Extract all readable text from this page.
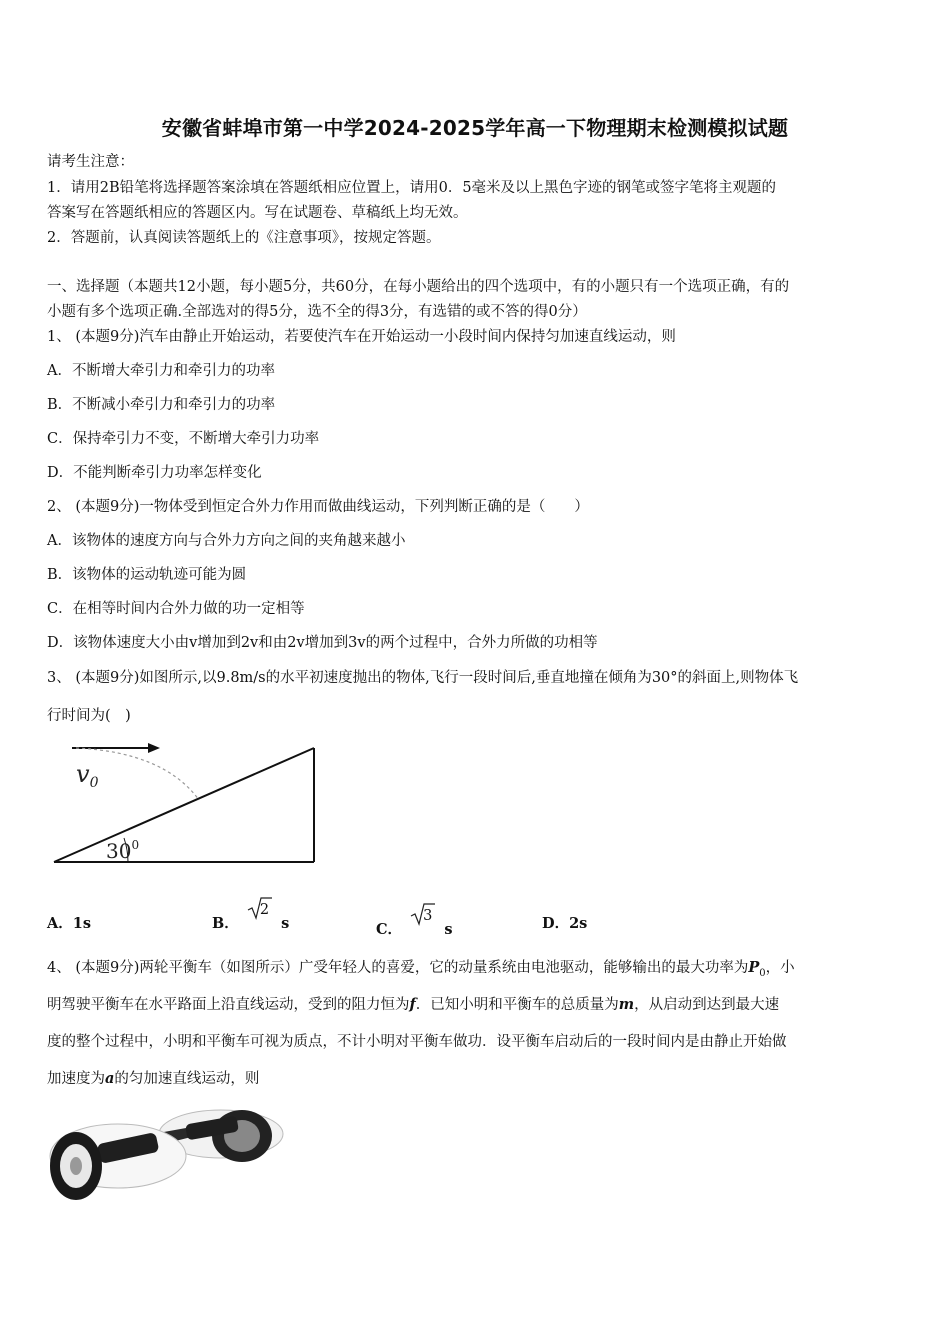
安徽省蚌埠市第一中学2024-2025学年高一下物理期末检测模拟试题
请考生注意：
1．请用2B铅笔将选择题答案涂填在答题纸相应位置上，请用0．5毫米及以上黑色字迹的钢笔或签字笔将主观题的
答案写在答题纸相应的答题区内。写在试题卷、草稿纸上均无效。
2．答题前，认真阅读答题纸上的《注意事项》，按规定答题。
一、选择题（本题共12小题，每小题5分，共60分，在每小题给出的四个选项中，有的小题只有一个选项正确，有的
小题有多个选项正确.全部选对的得5分，选不全的得3分，有选错的或不答的得0分）
1、 (本题9分)汽车由静止开始运动，若要使汽车在开始运动一小段时间内保持匀加速直线运动，则
A．不断增大牵引力和牵引力的功率
B．不断减小牵引力和牵引力的功率
C．保持牵引力不变，不断增大牵引力功率
D．不能判断牵引力功率怎样变化
2、 (本题9分)一物体受到恒定合外力作用而做曲线运动，下列判断正确的是（　　）
A．该物体的速度方向与合外力方向之间的夹角越来越小
B．该物体的运动轨迹可能为圆
C．在相等时间内合外力做的功一定相等
D．该物体速度大小由v增加到2v和由2v增加到3v的两个过程中，合外力所做的功相等
3、 (本题9分)如图所示,以9.8m/s的水平初速度抛出的物体,飞行一段时间后,垂直地撞在倾角为30°的斜面上,则物体飞
行时间为(　)
$v_0$
$30^0$
A．1s	B． 2s	C． 3s	D．2s
4、 (本题9分)两轮平衡车（如图所示）广受年轻人的喜爱，它的动量系统由电池驱动，能够输出的最大功率为$P_0$，小
明驾驶平衡车在水平路面上沿直线运动，受到的阻力恒为f．已知小明和平衡车的总质量为m，从启动到达到最大速
度的整个过程中，小明和平衡车可视为质点，不计小明对平衡车做功．设平衡车启动后的一段时间内是由静止开始做
加速度为a的匀加速直线运动，则
